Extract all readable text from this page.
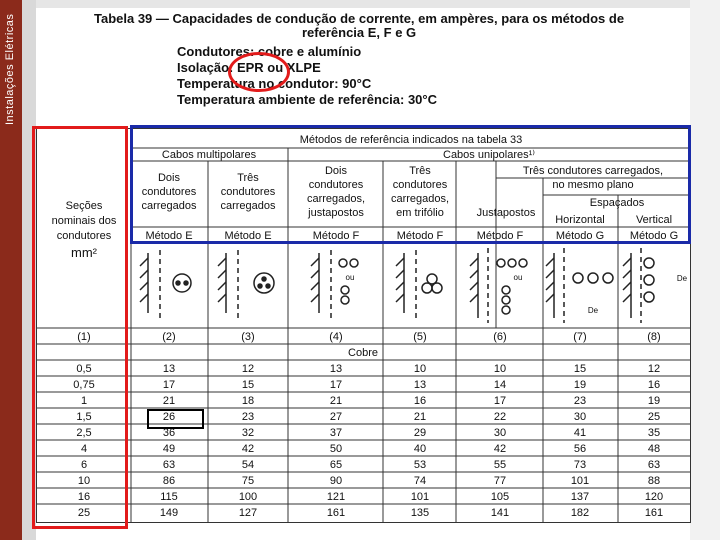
Instalações Elétricas	Tabela 39 — Capacidades de condução de corrente, em ampères, para os métodos de
referência E, F e G
Condutores: cobre e alumínio
Isolação: EPR ou XLPE
Temperatura no condutor: 90°C
Temperatura ambiente de referência: 30°C
Seções
nominais dos
condutores
mm²
Métodos de referência indicados na tabela 33
Cabos multipolares	Cabos unipolares¹⁾
Dois
condutores
carregados
Três
condutores
carregados
Dois
condutores
carregados,
justapostos
Três
condutores
carregados,
em trifólio
Três condutores carregados,
no mesmo plano
Justapostos
Espaçados
Horizontal	Vertical
Método E	Método E	Método F	Método F	Método F	Método G Método G
ou	ou
De
De
(1)	(2)	(3)	(4)	(5)	(6)	(7)	(8)
Cobre
0,5	13	12	13	10	10	15	12
0,75	17	15	17	13	14	19	16
1	21	18	21	16	17	23	19
1,5	26	23	27	21	22	30	25
2,5	36	32	37	29	30	41	35
4	49	42	50	40	42	56	48
6	63	54	65	53	55	73	63
10	86	75	90	74	77	101	88
16	115	100	121	101	105	137	120
25	149	127	161	135	141	182	161
